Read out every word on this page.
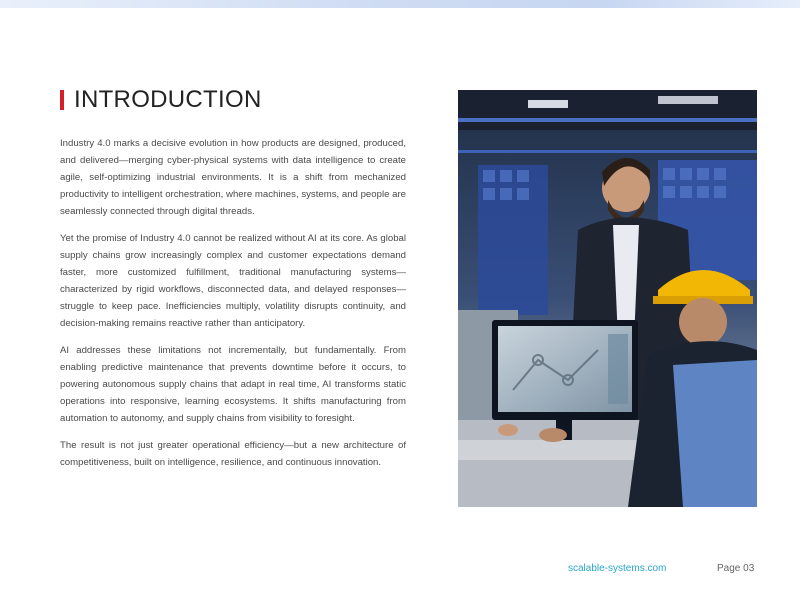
INTRODUCTION

Industry 4.0 marks a decisive evolution in how products are designed, produced, and delivered—merging cyber-physical systems with data intelligence to create agile, self-optimizing industrial environments. It is a shift from mechanized productivity to intelligent orchestration, where machines, systems, and people are seamlessly connected through digital threads.

Yet the promise of Industry 4.0 cannot be realized without AI at its core. As global supply chains grow increasingly complex and customer expectations demand faster, more customized fulfillment, traditional manufacturing systems—characterized by rigid workflows, disconnected data, and delayed responses—struggle to keep pace. Inefficiencies multiply, volatility disrupts continuity, and decision-making remains reactive rather than anticipatory.

AI addresses these limitations not incrementally, but fundamentally. From enabling predictive maintenance that prevents downtime before it occurs, to powering autonomous supply chains that adapt in real time, AI transforms static operations into responsive, learning ecosystems. It shifts manufacturing from automation to autonomy, and supply chains from visibility to foresight.

The result is not just greater operational efficiency—but a new architecture of competitiveness, built on intelligence, resilience, and continuous innovation.

scalable-systems.com	Page 03
